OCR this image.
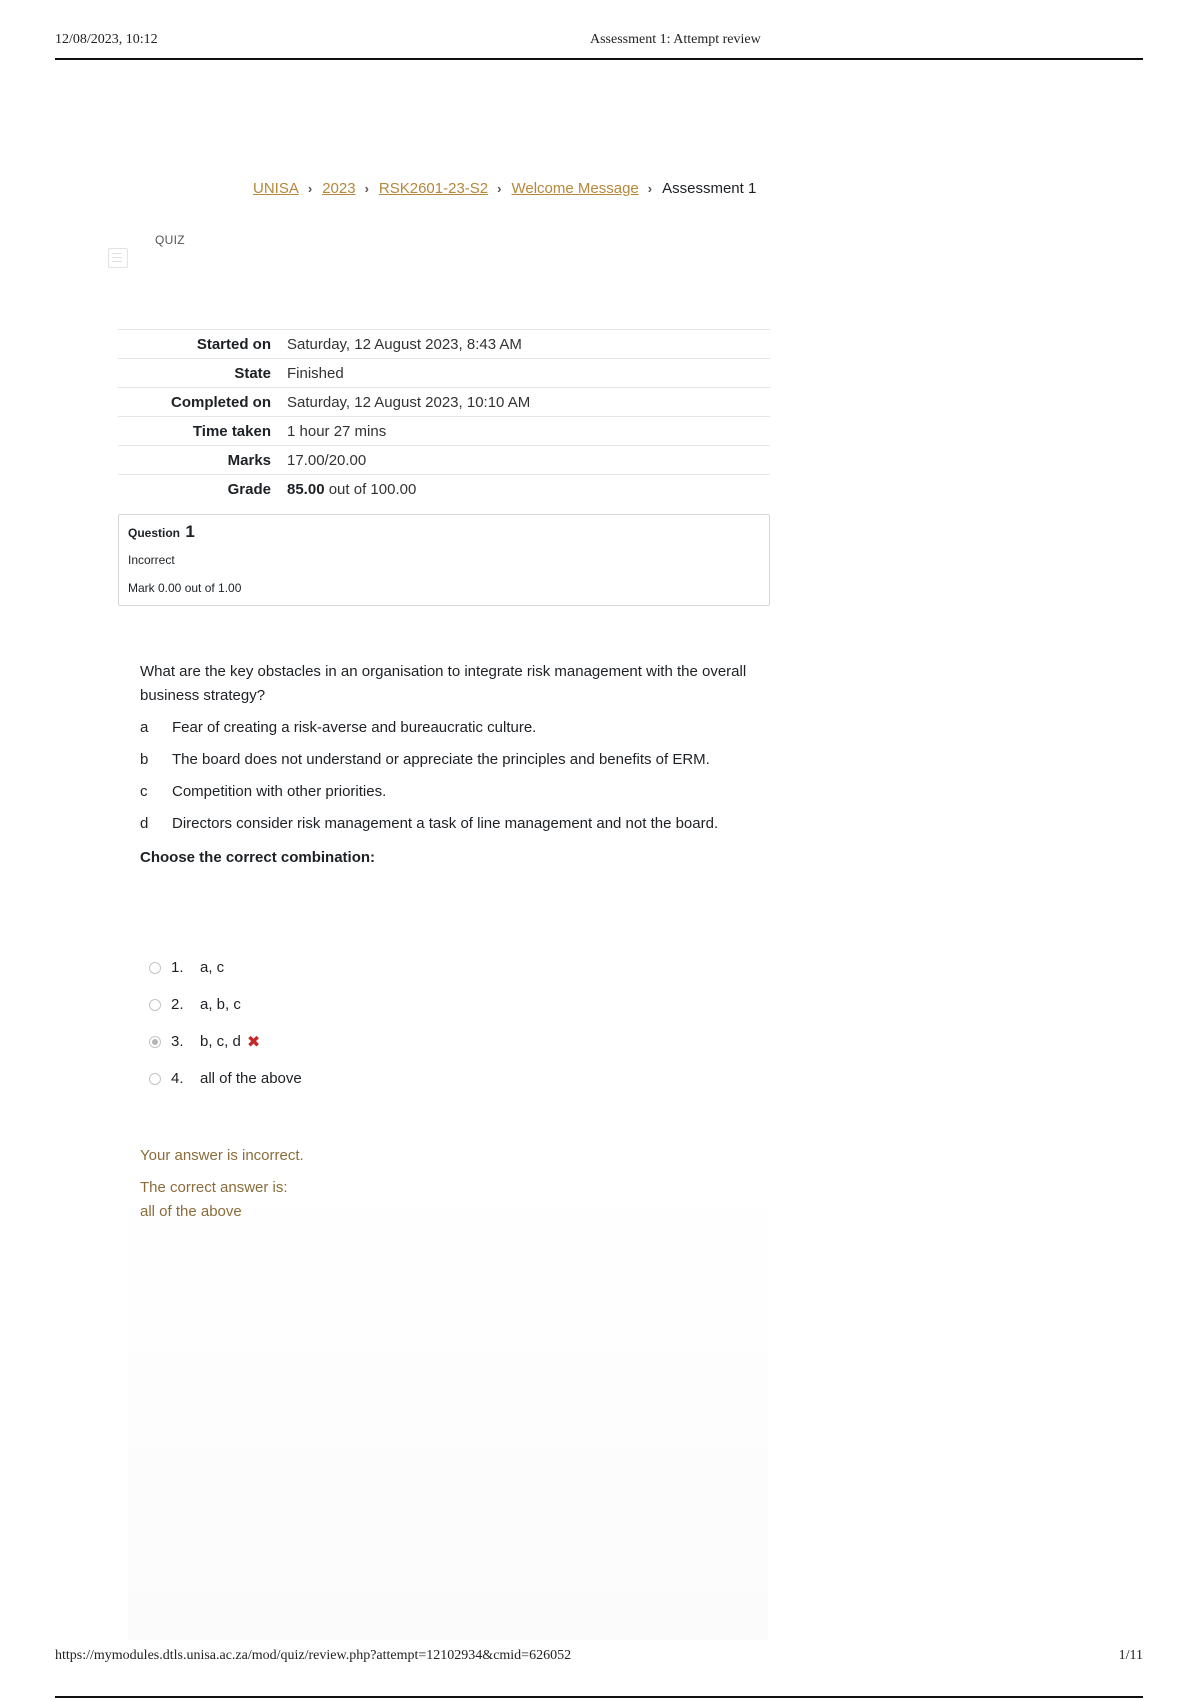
12/08/2023, 10:12	Assessment 1: Attempt review
UNISA › 2023 › RSK2601-23-S2 › Welcome Message › Assessment 1
QUIZ
Started on	Saturday, 12 August 2023, 8:43 AM
State	Finished
Completed on	Saturday, 12 August 2023, 10:10 AM
Time taken	1 hour 27 mins
Marks	17.00/20.00
Grade	85.00 out of 100.00
Question 1
Incorrect
Mark 0.00 out of 1.00

What are the key obstacles in an organisation to integrate risk management with the overall business strategy?

a Fear of creating a risk-averse and bureaucratic culture.

b The board does not understand or appreciate the principles and benefits of ERM.

c Competition with other priorities.

d Directors consider risk management a task of line management and not the board.

Choose the correct combination:

1.	a, c
2.	a, b, c
3.	b, c, d ✖
4.	all of the above
Your answer is incorrect.
The correct answer is:
all of the above
https://mymodules.dtls.unisa.ac.za/mod/quiz/review.php?attempt=12102934&cmid=626052	1/11
